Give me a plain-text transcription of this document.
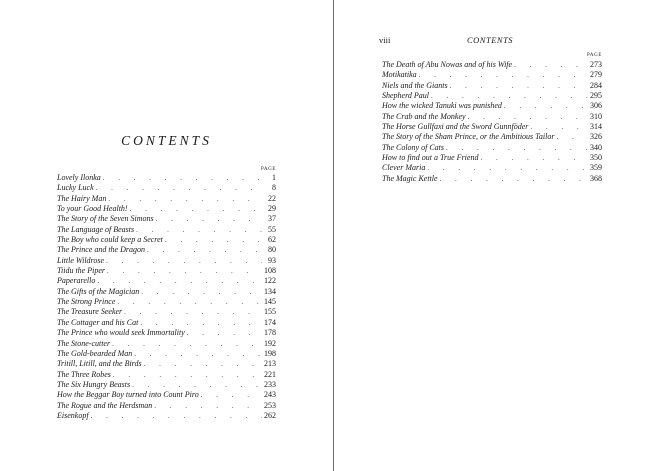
CONTENTS
PAGE
Lovely Ilonka . . .	1
Lucky Luck . . .	8
The Hairy Man . . .	22
To your Good Health! . . .	29
The Story of the Seven Simons . . .	37
The Language of Beasts . . .	55
The Boy who could keep a Secret . . .	62
The Prince and the Dragon . . .	80
Little Wildrose . . .	93
Tiidu the Piper . . .	108
Paperarello . . .	122
The Gifts of the Magician . . .	134
The Strong Prince . . .	145
The Treasure Seeker . . .	155
The Cottager and his Cat . . .	174
The Prince who would seek Immortality . . .	178
The Stone-cutter . . .	192
The Gold-bearded Man . . .	198
Tritill, Litill, and the Birds . . .	213
The Three Robes . . .	221
The Six Hungry Beasts . . .	233
How the Beggar Boy turned into Count Piro . . .	243
The Rogue and the Herdsman . . .	253
Eisenkopf . . .	262
viii	CONTENTS
PAGE
The Death of Abu Nowas and of his Wife . . .	273
Motikatika . . .	279
Niels and the Giants . . .	284
Shepherd Paul . . .	295
How the wicked Tanuki was punished . . .	306
The Crab and the Monkey . . .	310
The Horse Gullfaxi and the Sword Gunnföder . . .	314
The Story of the Sham Prince, or the Ambitious Tailor . . .	326
The Colony of Cats . . .	340
How to find out a True Friend . . .	350
Clever Maria . . .	359
The Magic Kettle . . .	368
